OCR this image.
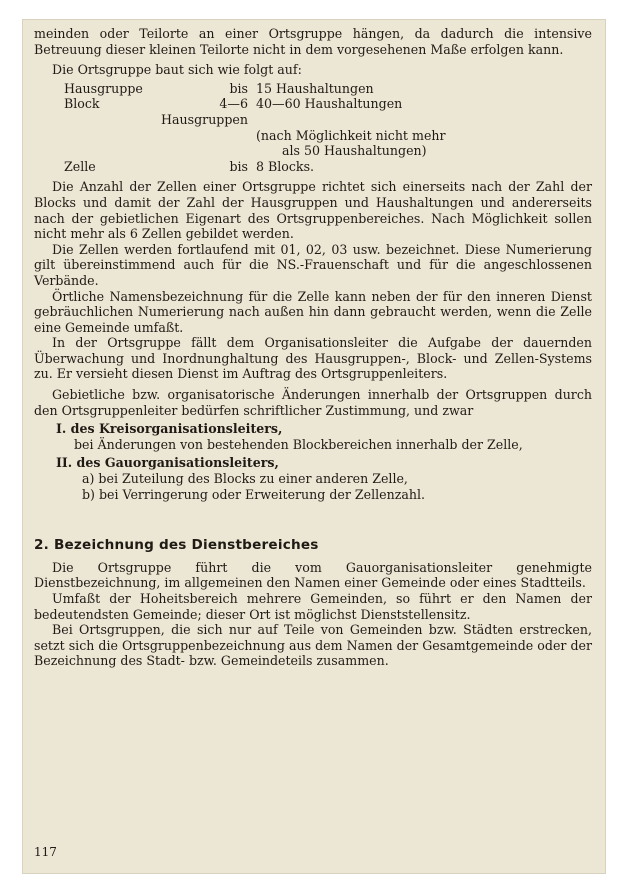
meinden oder Teilorte an einer Ortsgruppe hängen, da dadurch die intensive Betreuung dieser kleinen Teilorte nicht in dem vorgesehenen Maße erfolgen kann.

Die Ortsgruppe baut sich wie folgt auf:

Hausgruppe	bis 15 Haushaltungen
Block	4—6 Hausgruppen
40—60 Haushaltungen
(nach Möglichkeit nicht mehr
als 50 Haushaltungen)
Zelle	bis 8 Blocks.

Die Anzahl der Zellen einer Ortsgruppe richtet sich einerseits nach der Zahl der Blocks und damit der Zahl der Hausgruppen und Haushaltungen und andererseits nach der gebietlichen Eigenart des Ortsgruppenbereiches. Nach Möglichkeit sollen nicht mehr als 6 Zellen gebildet werden.

Die Zellen werden fortlaufend mit 01, 02, 03 usw. bezeichnet. Diese Numerierung gilt übereinstimmend auch für die NS.-Frauenschaft und für die angeschlossenen Verbände.

Örtliche Namensbezeichnung für die Zelle kann neben der für den inneren Dienst gebräuchlichen Numerierung nach außen hin dann gebraucht werden, wenn die Zelle eine Gemeinde umfaßt.

In der Ortsgruppe fällt dem Organisationsleiter die Aufgabe der dauernden Überwachung und Inordnunghaltung des Hausgruppen-, Block- und Zellen-Systems zu. Er versieht diesen Dienst im Auftrag des Ortsgruppenleiters.

Gebietliche bzw. organisatorische Änderungen innerhalb der Ortsgruppen durch den Ortsgruppenleiter bedürfen schriftlicher Zustimmung, und zwar

I. des Kreisorganisationsleiters,
bei Änderungen von bestehenden Blockbereichen innerhalb der Zelle,
II. des Gauorganisationsleiters,
a) bei Zuteilung des Blocks zu einer anderen Zelle,
b) bei Verringerung oder Erweiterung der Zellenzahl.
2. Bezeichnung des Dienstbereiches

Die Ortsgruppe führt die vom Gauorganisationsleiter genehmigte Dienstbezeichnung, im allgemeinen den Namen einer Gemeinde oder eines Stadtteils.

Umfaßt der Hoheitsbereich mehrere Gemeinden, so führt er den Namen der bedeutendsten Gemeinde; dieser Ort ist möglichst Dienststellensitz.

Bei Ortsgruppen, die sich nur auf Teile von Gemeinden bzw. Städten erstrecken, setzt sich die Ortsgruppenbezeichnung aus dem Namen der Gesamtgemeinde oder der Bezeichnung des Stadt- bzw. Gemeindeteils zusammen.

117
